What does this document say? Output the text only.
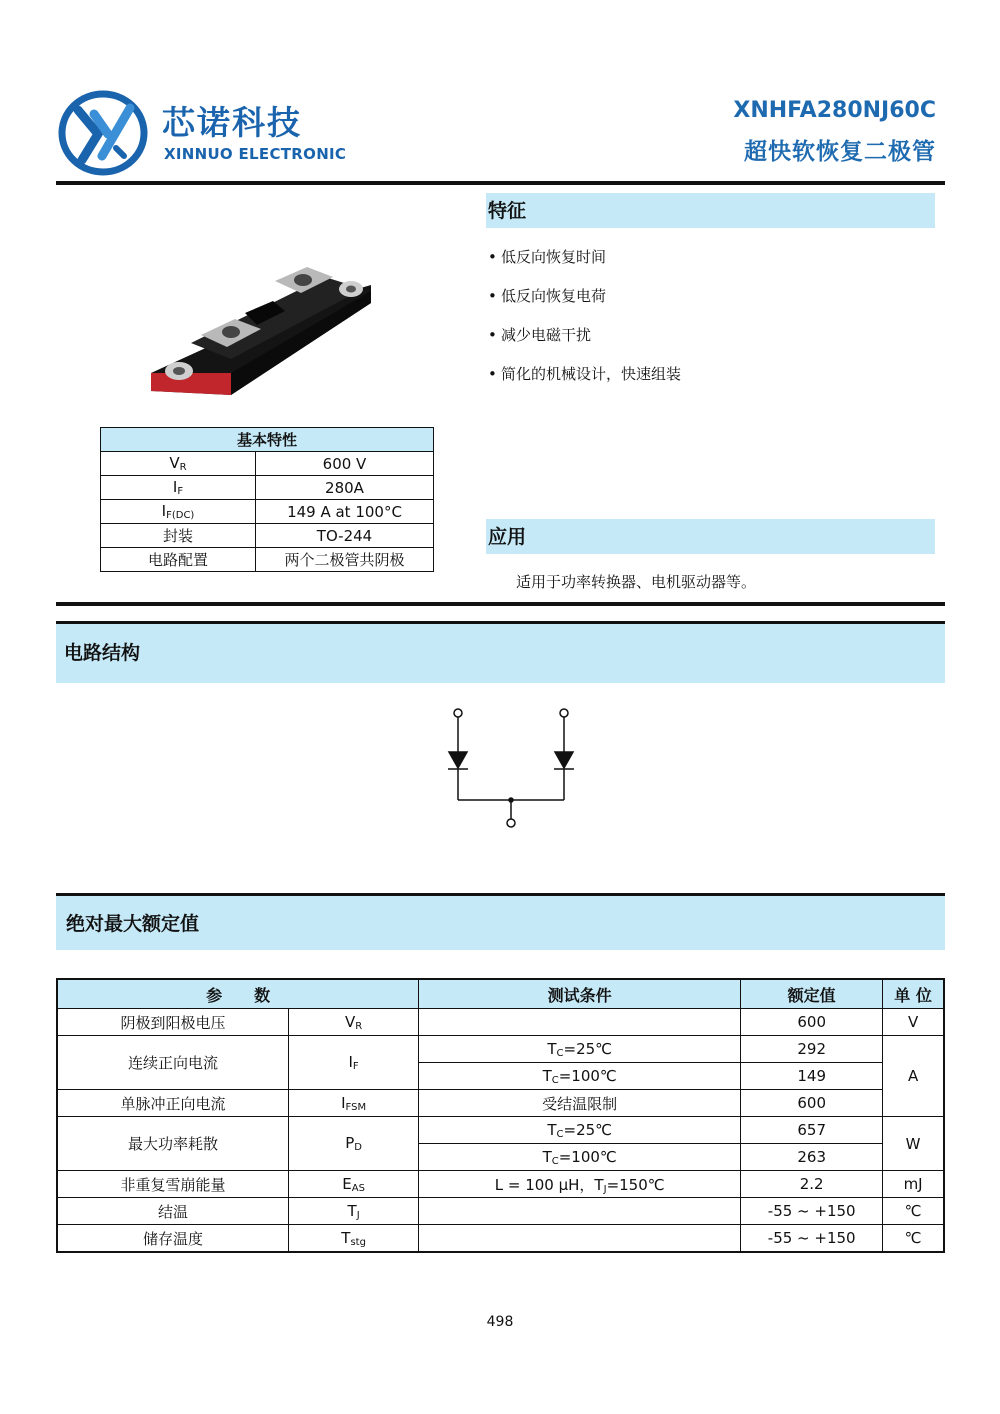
芯诺科技
XINNUO ELECTRONIC
XNHFA280NJ60C
超快软恢复二极管
基本特性	
$V_R$	600 V
$I_F$	280A
$I_{F(DC)}$	149 A at 100°C
封装	TO-244
电路配置	两个二极管共阴极
特征
• 低反向恢复时间
• 低反向恢复电荷
• 减少电磁干扰
• 简化的机械设计，快速组装
应用
适用于功率转换器、电机驱动器等。
电路结构
绝对最大额定值
参　　数		测试条件	额定值	单 位
阴极到阳极电压	$V_R$		600	V
连续正向电流	$I_F$	$T_C=25℃$	292	A
		$T_C=100℃$	149	
单脉冲正向电流	$I_{FSM}$	受结温限制	600	
最大功率耗散	$P_D$	$T_C=25℃$	657	W
		$T_C=100℃$	263	
非重复雪崩能量	$E_{AS}$	L = 100 μH，$T_J=150℃$	2.2	mJ
结温	$T_J$		-55 ~ +150	℃
储存温度	$T_{stg}$		-55 ~ +150	℃
498
